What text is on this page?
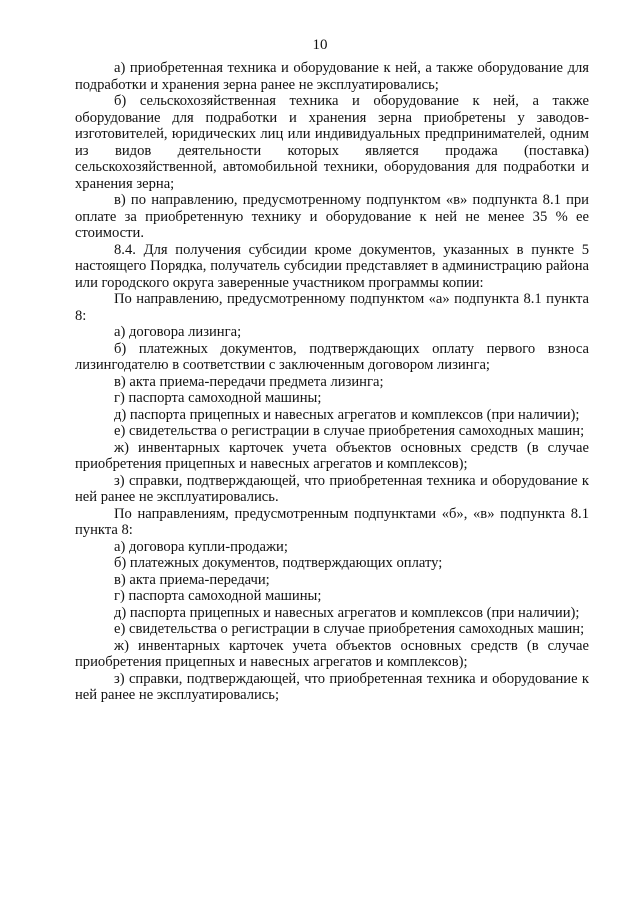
10

а) приобретенная техника и оборудование к ней, а также оборудование для подработки и хранения зерна ранее не эксплуатировались;

б) сельскохозяйственная техника и оборудование к ней, а также оборудование для подработки и хранения зерна приобретены у заводов-изготовителей, юридических лиц или индивидуальных предпринимателей, одним из видов деятельности которых является продажа (поставка) сельскохозяйственной, автомобильной техники, оборудования для подработки и хранения зерна;

в) по направлению, предусмотренному подпунктом «в» подпункта 8.1 при оплате за приобретенную технику и оборудование к ней не менее 35 % ее стоимости.

8.4. Для получения субсидии кроме документов, указанных в пункте 5 настоящего Порядка, получатель субсидии представляет в администрацию района или городского округа заверенные участником программы копии:

По направлению, предусмотренному подпунктом «а» подпункта 8.1 пункта 8:

а) договора лизинга;

б) платежных документов, подтверждающих оплату первого взноса лизингодателю в соответствии с заключенным договором лизинга;

в) акта приема-передачи предмета лизинга;

г) паспорта самоходной машины;

д) паспорта прицепных и навесных агрегатов и комплексов (при наличии);

е) свидетельства о регистрации в случае приобретения самоходных машин;

ж) инвентарных карточек учета объектов основных средств (в случае приобретения прицепных и навесных агрегатов и комплексов);

з) справки, подтверждающей, что приобретенная техника и оборудование к ней ранее не эксплуатировались.

По направлениям, предусмотренным подпунктами «б», «в» подпункта 8.1 пункта 8:

а) договора купли-продажи;

б) платежных документов, подтверждающих оплату;

в) акта приема-передачи;

г) паспорта самоходной машины;

д) паспорта прицепных и навесных агрегатов и комплексов (при наличии);

е) свидетельства о регистрации в случае приобретения самоходных машин;

ж) инвентарных карточек учета объектов основных средств (в случае приобретения прицепных и навесных агрегатов и комплексов);

з) справки, подтверждающей, что приобретенная техника и оборудование к ней ранее не эксплуатировались;
